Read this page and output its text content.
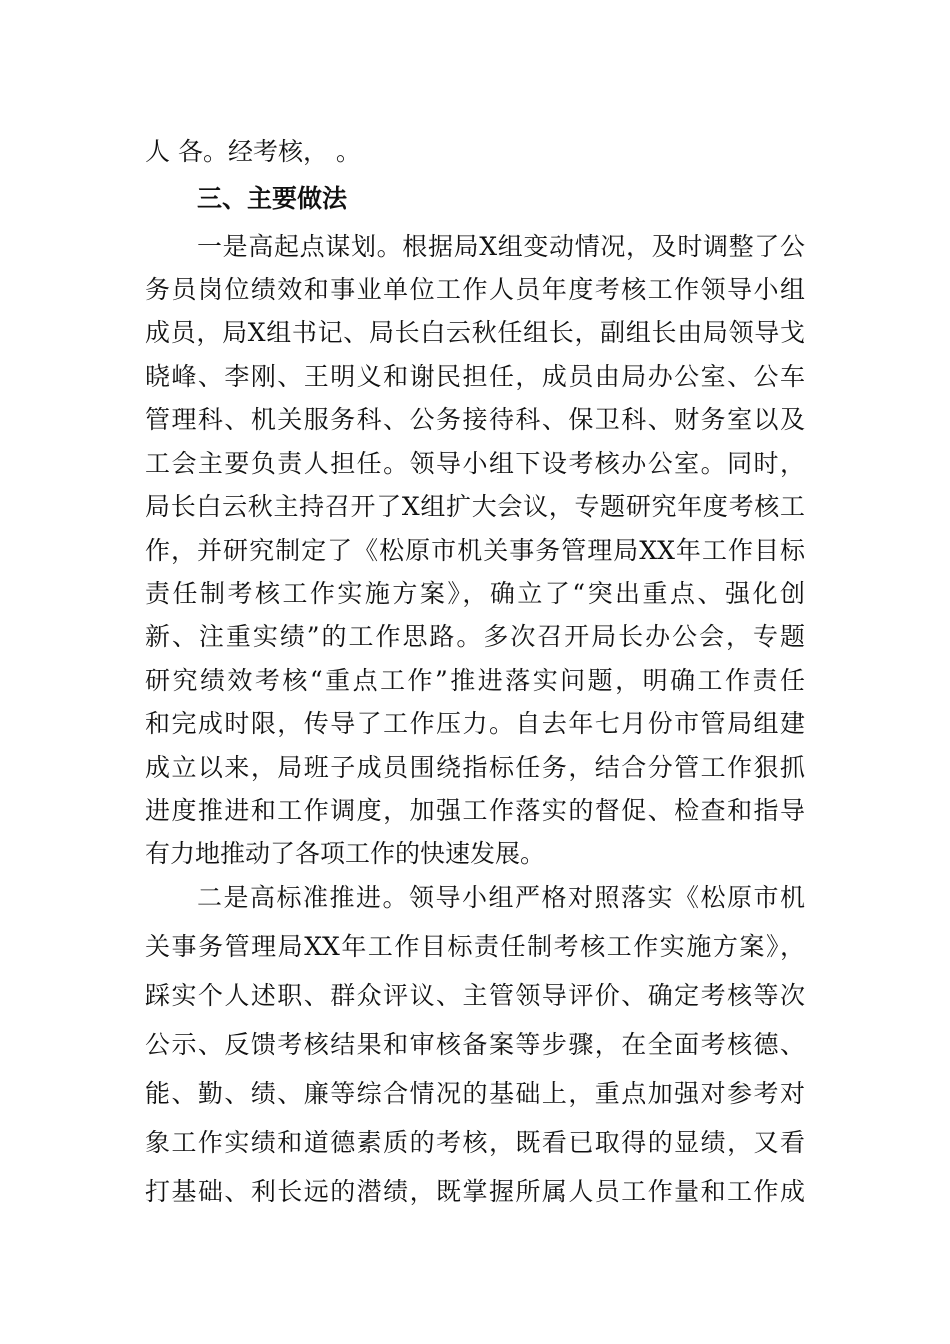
人 各。经考核， 。
三、主要做法
一是高起点谋划。根据局X组变动情况，及时调整了公
务员岗位绩效和事业单位工作人员年度考核工作领导小组
成员，局X组书记、局长白云秋任组长，副组长由局领导戈
晓峰、李刚、王明义和谢民担任，成员由局办公室、公车
管理科、机关服务科、公务接待科、保卫科、财务室以及
工会主要负责人担任。领导小组下设考核办公室。同时，
局长白云秋主持召开了X组扩大会议，专题研究年度考核工
作，并研究制定了《松原市机关事务管理局XX年工作目标
责任制考核工作实施方案》，确立了“突出重点、强化创
新、注重实绩”的工作思路。多次召开局长办公会，专题
研究绩效考核“重点工作”推进落实问题，明确工作责任
和完成时限，传导了工作压力。自去年七月份市管局组建
成立以来，局班子成员围绕指标任务，结合分管工作狠抓
进度推进和工作调度，加强工作落实的督促、检查和指导
有力地推动了各项工作的快速发展。
二是高标准推进。领导小组严格对照落实《松原市机
关事务管理局XX年工作目标责任制考核工作实施方案》，
踩实个人述职、群众评议、主管领导评价、确定考核等次
公示、反馈考核结果和审核备案等步骤，在全面考核德、
能、勤、绩、廉等综合情况的基础上，重点加强对参考对
象工作实绩和道德素质的考核，既看已取得的显绩，又看
打基础、利长远的潜绩，既掌握所属人员工作量和工作成
